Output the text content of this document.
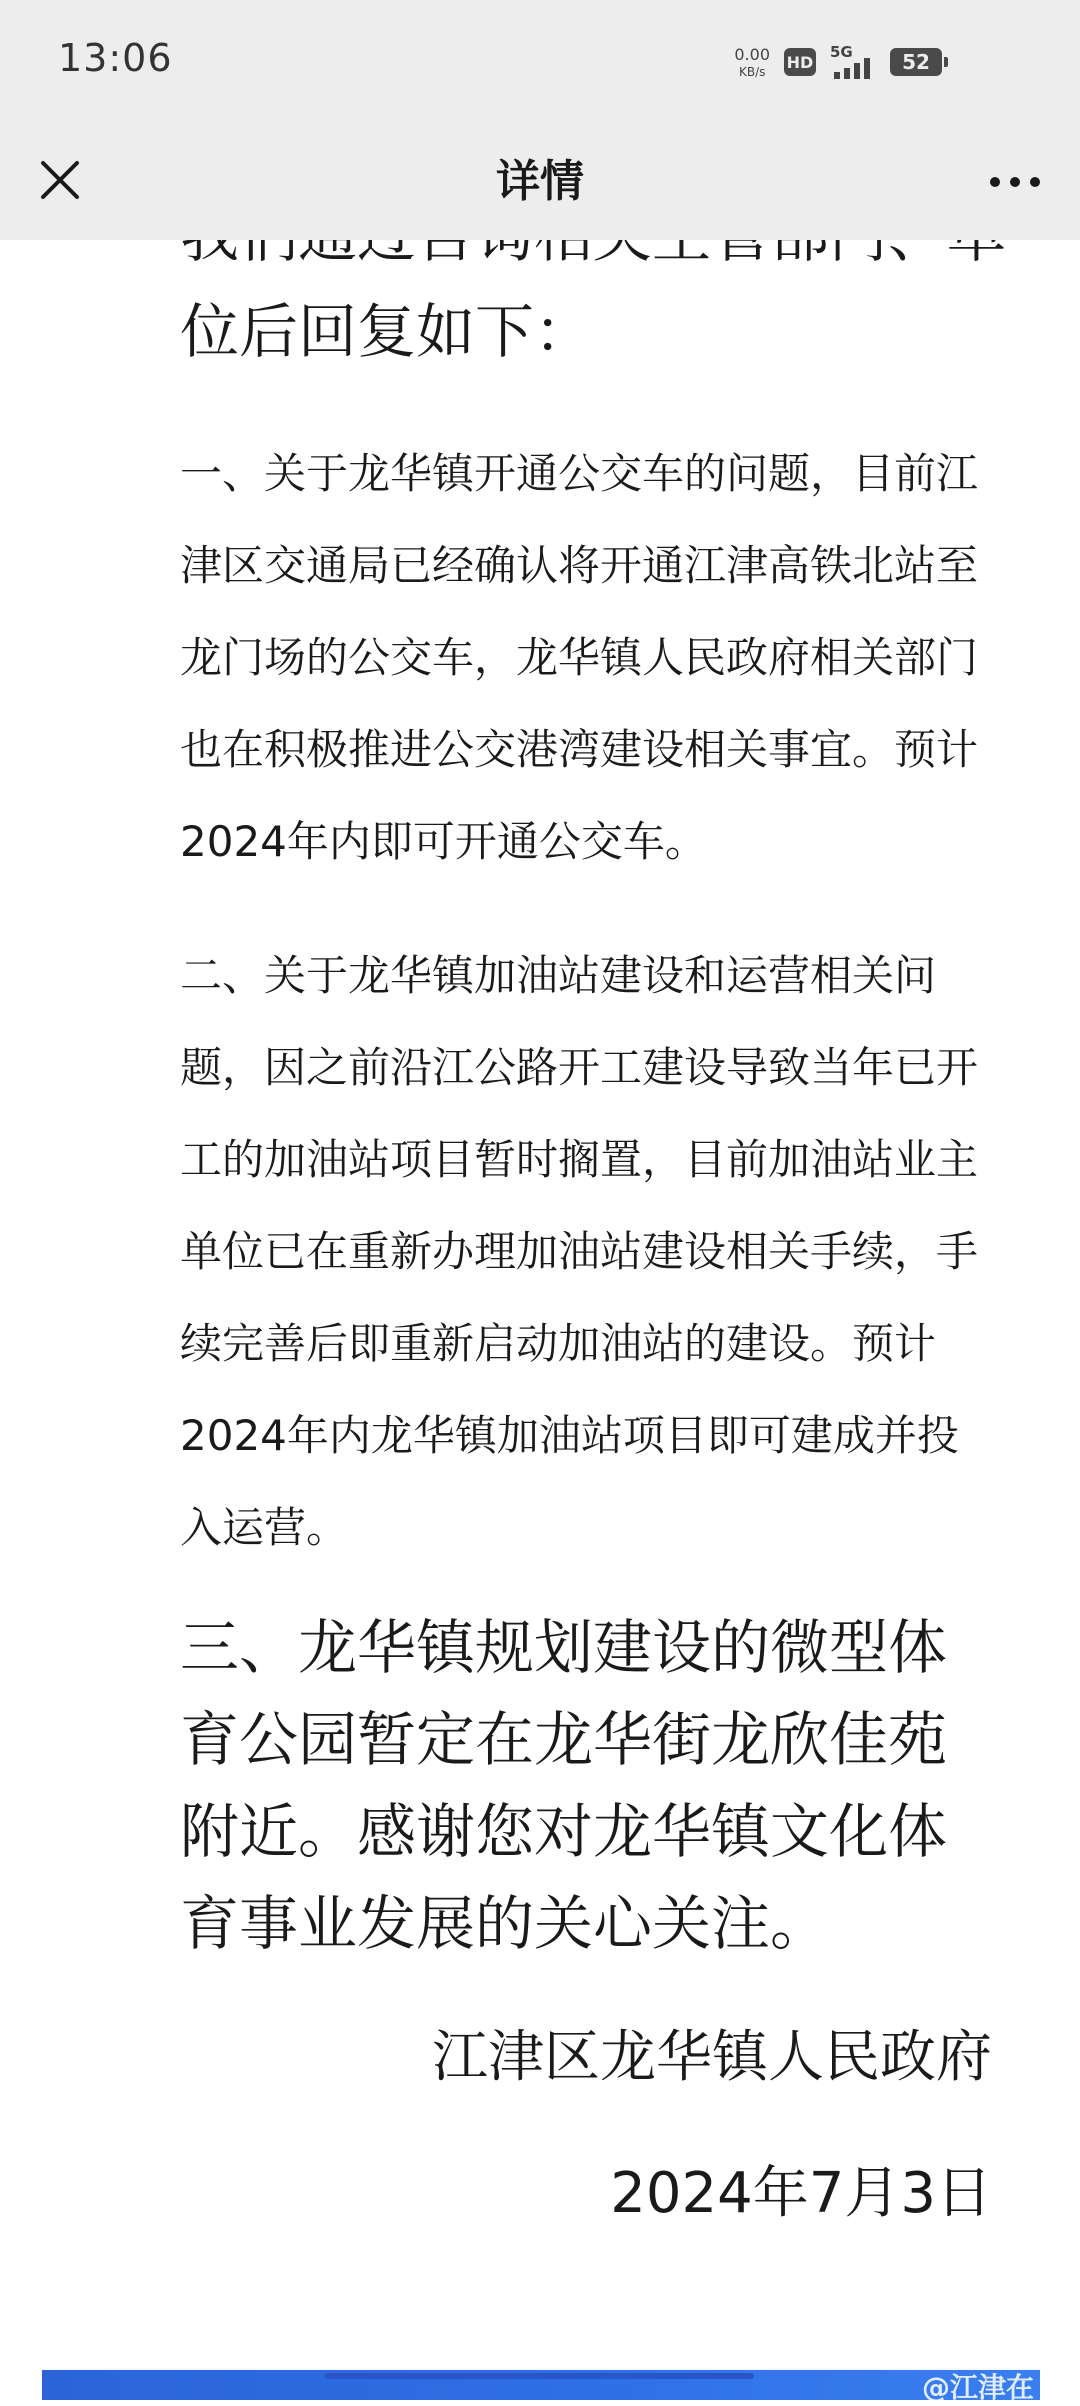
13:06	0.00
KB/s HD
5G 52
详情

位后回复如下：

一、关于龙华镇开通公交车的问题，目前江津区交通局已经确认将开通江津高铁北站至龙门场的公交车，龙华镇人民政府相关部门也在积极推进公交港湾建设相关事宜。预计2024年内即可开通公交车。

二、关于龙华镇加油站建设和运营相关问题，因之前沿江公路开工建设导致当年已开工的加油站项目暂时搁置，目前加油站业主单位已在重新办理加油站建设相关手续，手续完善后即重新启动加油站的建设。预计2024年内龙华镇加油站项目即可建成并投入运营。

三、龙华镇规划建设的微型体育公园暂定在龙华街龙欣佳苑附近。感谢您对龙华镇文化体育事业发展的关心关注。

江津区龙华镇人民政府
2024年7月3日
@江津在
